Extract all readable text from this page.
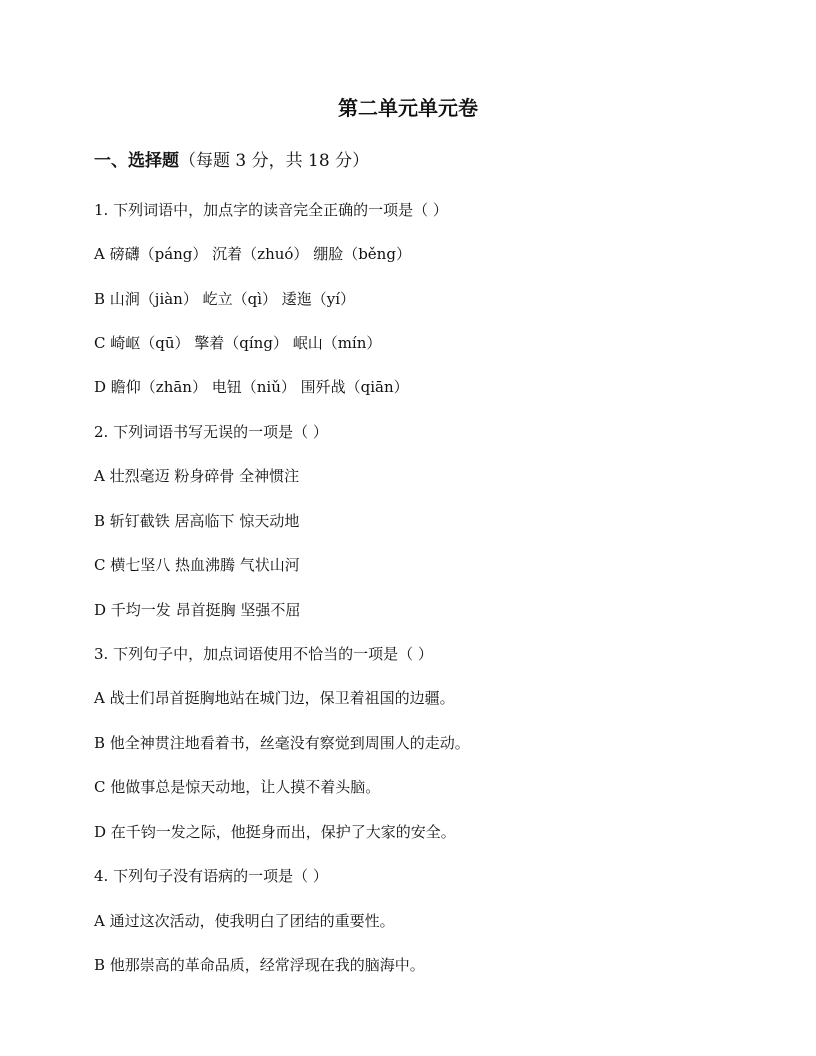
第二单元单元卷
一、选择题（每题 3 分，共 18 分）
1. 下列词语中，加点字的读音完全正确的一项是（ ）
A 磅礴（páng） 沉着（zhuó） 绷脸（běng）
B 山涧（jiàn） 屹立（qì） 逶迤（yí）
C 崎岖（qū） 擎着（qíng） 岷山（mín）
D 瞻仰（zhān） 电钮（niǔ） 围歼战（qiān）
2. 下列词语书写无误的一项是（ ）
A 壮烈毫迈 粉身碎骨 全神惯注
B 斩钉截铁 居高临下 惊天动地
C 横七坚八 热血沸腾 气状山河
D 千均一发 昂首挺胸 坚强不屈
3. 下列句子中，加点词语使用不恰当的一项是（ ）
A 战士们昂首挺胸地站在城门边，保卫着祖国的边疆。
B 他全神贯注地看着书，丝毫没有察觉到周围人的走动。
C 他做事总是惊天动地，让人摸不着头脑。
D 在千钧一发之际，他挺身而出，保护了大家的安全。
4. 下列句子没有语病的一项是（ ）
A 通过这次活动，使我明白了团结的重要性。
B 他那崇高的革命品质，经常浮现在我的脑海中。
